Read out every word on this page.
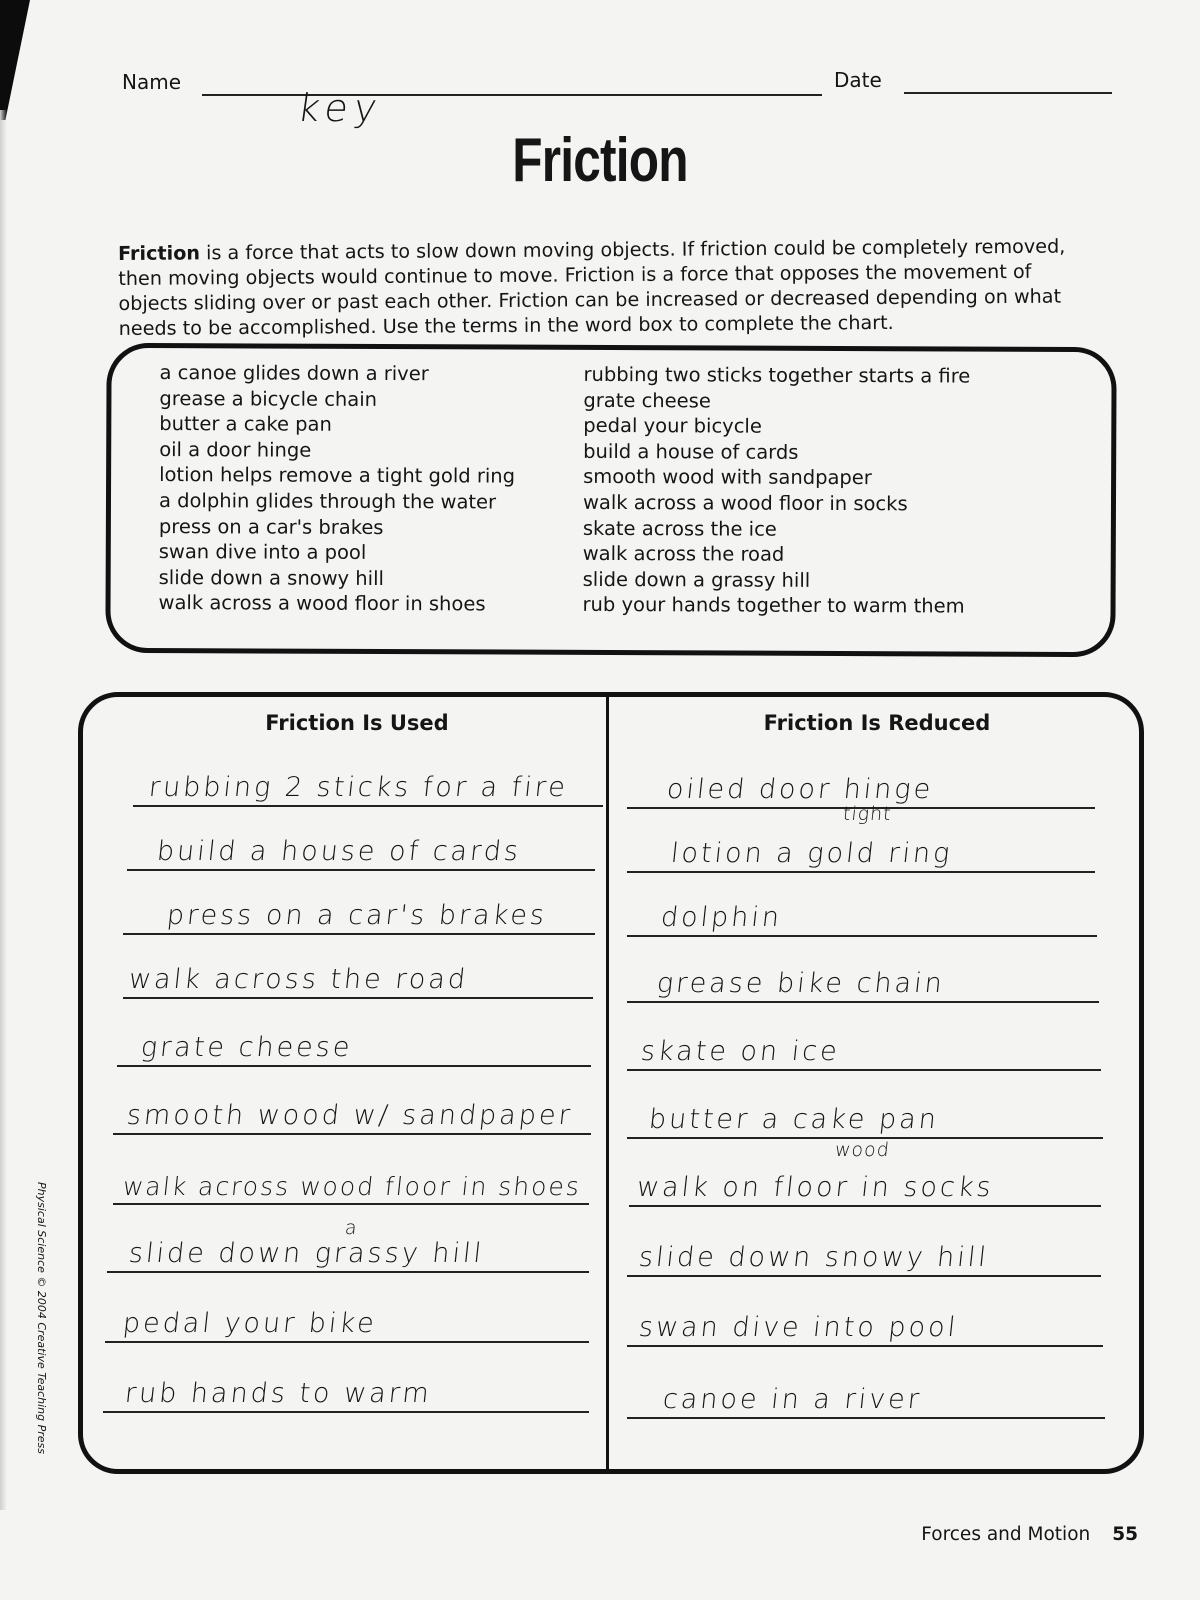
Name
key
Date
Friction

Friction is a force that acts to slow down moving objects. If friction could be completely removed, then moving objects would continue to move. Friction is a force that opposes the movement of objects sliding over or past each other. Friction can be increased or decreased depending on what needs to be accomplished. Use the terms in the word box to complete the chart.

a canoe glides down a river
grease a bicycle chain
butter a cake pan
oil a door hinge
lotion helps remove a tight gold ring
a dolphin glides through the water
press on a car's brakes
swan dive into a pool
slide down a snowy hill
walk across a wood floor in shoes
rubbing two sticks together starts a fire
grate cheese
pedal your bicycle
build a house of cards
smooth wood with sandpaper
walk across a wood floor in socks
skate across the ice
walk across the road
slide down a grassy hill
rub your hands together to warm them
Friction Is Used
rubbing 2 sticks for a fire
build a house of cards
press on a car's brakes
walk across the road
grate cheese
smooth wood w/ sandpaper
walk across wood floor in shoes
a
slide down grassy hill
pedal your bike
rub hands to warm
Friction Is Reduced
oiled door hinge
tight
lotion a gold ring
dolphin
grease bike chain
skate on ice
butter a cake pan
wood
walk on floor in socks
slide down snowy hill
swan dive into pool
canoe in a river
Physical Science © 2004 Creative Teaching Press
Forces and Motion 55
